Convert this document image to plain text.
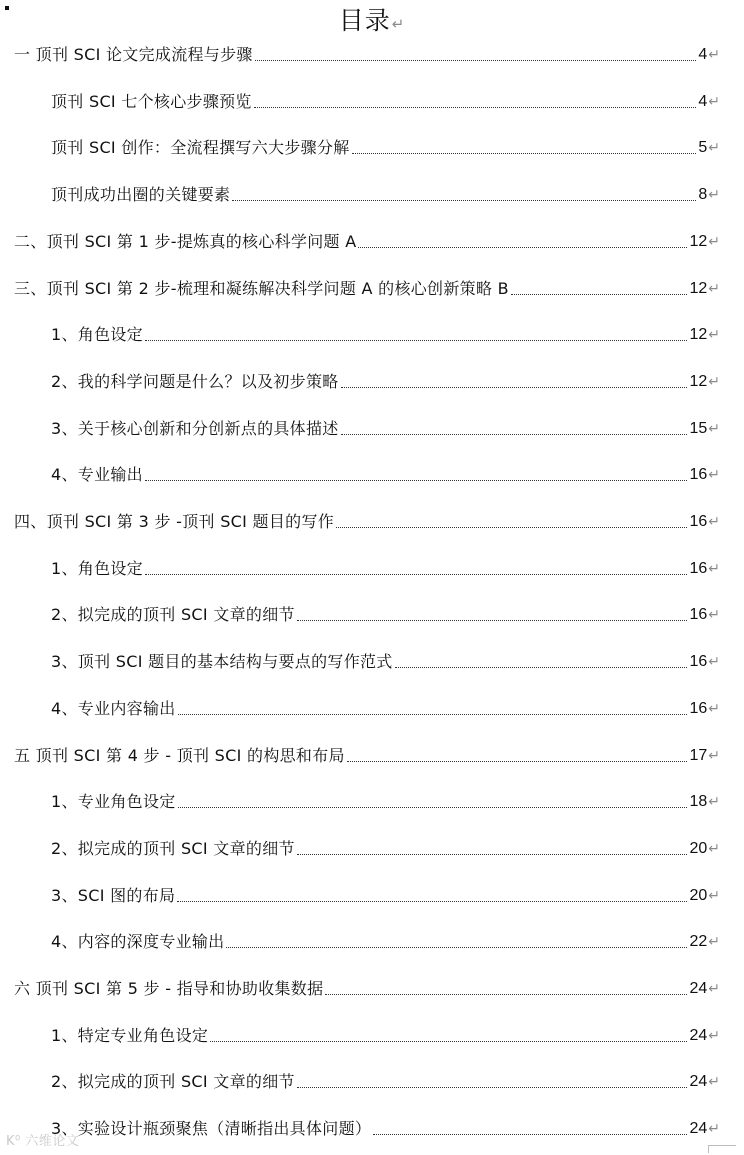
目录↵
一 顶刊 SCI 论文完成流程与步骤	4 ↵
顶刊 SCI 七个核心步骤预览	4 ↵
顶刊 SCI 创作：全流程撰写六大步骤分解	5 ↵
顶刊成功出圈的关键要素	8 ↵
二、顶刊 SCI 第 1 步-提炼真的核心科学问题 A	12 ↵
三、顶刊 SCI 第 2 步-梳理和凝练解决科学问题 A 的核心创新策略 B	12 ↵
1、角色设定	12 ↵
2、我的科学问题是什么？以及初步策略	12 ↵
3、关于核心创新和分创新点的具体描述	15 ↵
4、专业输出	16 ↵
四、顶刊 SCI 第 3 步 -顶刊 SCI 题目的写作	16 ↵
1、角色设定	16 ↵
2、拟完成的顶刊 SCI 文章的细节	16 ↵
3、顶刊 SCI 题目的基本结构与要点的写作范式	16 ↵
4、专业内容输出	16 ↵
五 顶刊 SCI 第 4 步 - 顶刊 SCI 的构思和布局	17 ↵
1、专业角色设定	18 ↵
2、拟完成的顶刊 SCI 文章的细节	20 ↵
3、SCI 图的布局	20 ↵
4、内容的深度专业输出	22 ↵
六 顶刊 SCI 第 5 步 - 指导和协助收集数据	24 ↵
1、特定专业角色设定	24 ↵
2、拟完成的顶刊 SCI 文章的细节	24 ↵
3、实验设计瓶颈聚焦（清晰指出具体问题）	24 ↵
K⁰ 六维论文
